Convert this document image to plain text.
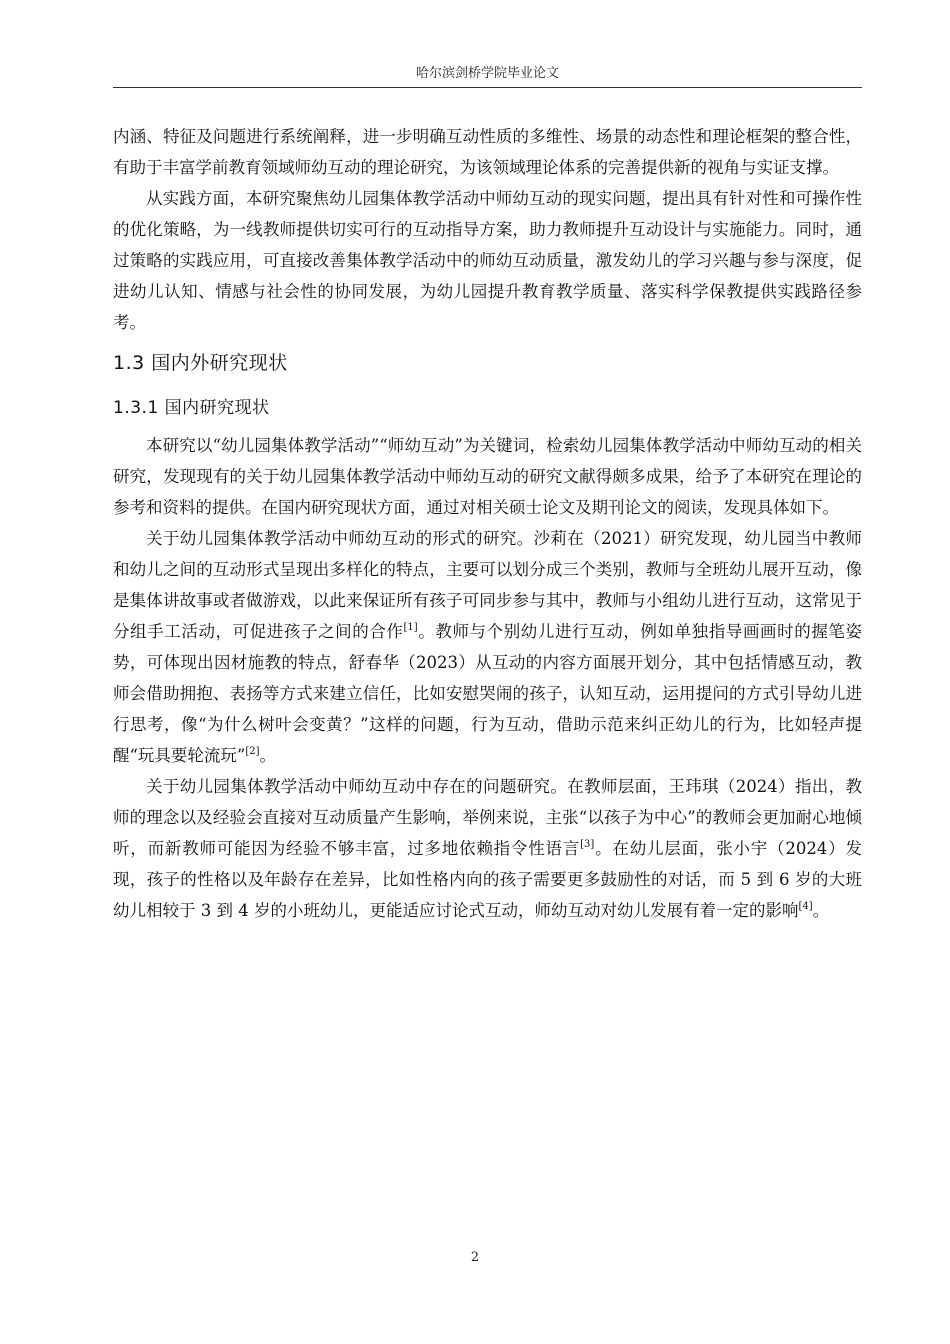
哈尔滨剑桥学院毕业论文

内涵、特征及问题进行系统阐释，进一步明确互动性质的多维性、场景的动态性和理论框架的整合性，有助于丰富学前教育领域师幼互动的理论研究，为该领域理论体系的完善提供新的视角与实证支撑。

从实践方面，本研究聚焦幼儿园集体教学活动中师幼互动的现实问题，提出具有针对性和可操作性的优化策略，为一线教师提供切实可行的互动指导方案，助力教师提升互动设计与实施能力。同时，通过策略的实践应用，可直接改善集体教学活动中的师幼互动质量，激发幼儿的学习兴趣与参与深度，促进幼儿认知、情感与社会性的协同发展，为幼儿园提升教育教学质量、落实科学保教提供实践路径参考。

1.3 国内外研究现状
1.3.1 国内研究现状

本研究以“幼儿园集体教学活动”“师幼互动”为关键词，检索幼儿园集体教学活动中师幼互动的相关研究，发现现有的关于幼儿园集体教学活动中师幼互动的研究文献得颇多成果，给予了本研究在理论的参考和资料的提供。在国内研究现状方面，通过对相关硕士论文及期刊论文的阅读，发现具体如下。

关于幼儿园集体教学活动中师幼互动的形式的研究。沙莉在（2021）研究发现，幼儿园当中教师和幼儿之间的互动形式呈现出多样化的特点，主要可以划分成三个类别，教师与全班幼儿展开互动，像是集体讲故事或者做游戏，以此来保证所有孩子可同步参与其中，教师与小组幼儿进行互动，这常见于分组手工活动，可促进孩子之间的合作[1]。教师与个别幼儿进行互动，例如单独指导画画时的握笔姿势，可体现出因材施教的特点，舒春华（2023）从互动的内容方面展开划分，其中包括情感互动，教师会借助拥抱、表扬等方式来建立信任，比如安慰哭闹的孩子，认知互动，运用提问的方式引导幼儿进行思考，像“为什么树叶会变黄？”这样的问题，行为互动，借助示范来纠正幼儿的行为，比如轻声提醒“玩具要轮流玩”[2]。

关于幼儿园集体教学活动中师幼互动中存在的问题研究。在教师层面，王玮琪（2024）指出，教师的理念以及经验会直接对互动质量产生影响，举例来说，主张“以孩子为中心”的教师会更加耐心地倾听，而新教师可能因为经验不够丰富，过多地依赖指令性语言[3]。在幼儿层面，张小宇（2024）发现，孩子的性格以及年龄存在差异，比如性格内向的孩子需要更多鼓励性的对话，而 5 到 6 岁的大班幼儿相较于 3 到 4 岁的小班幼儿，更能适应讨论式互动，师幼互动对幼儿发展有着一定的影响[4]。

2
